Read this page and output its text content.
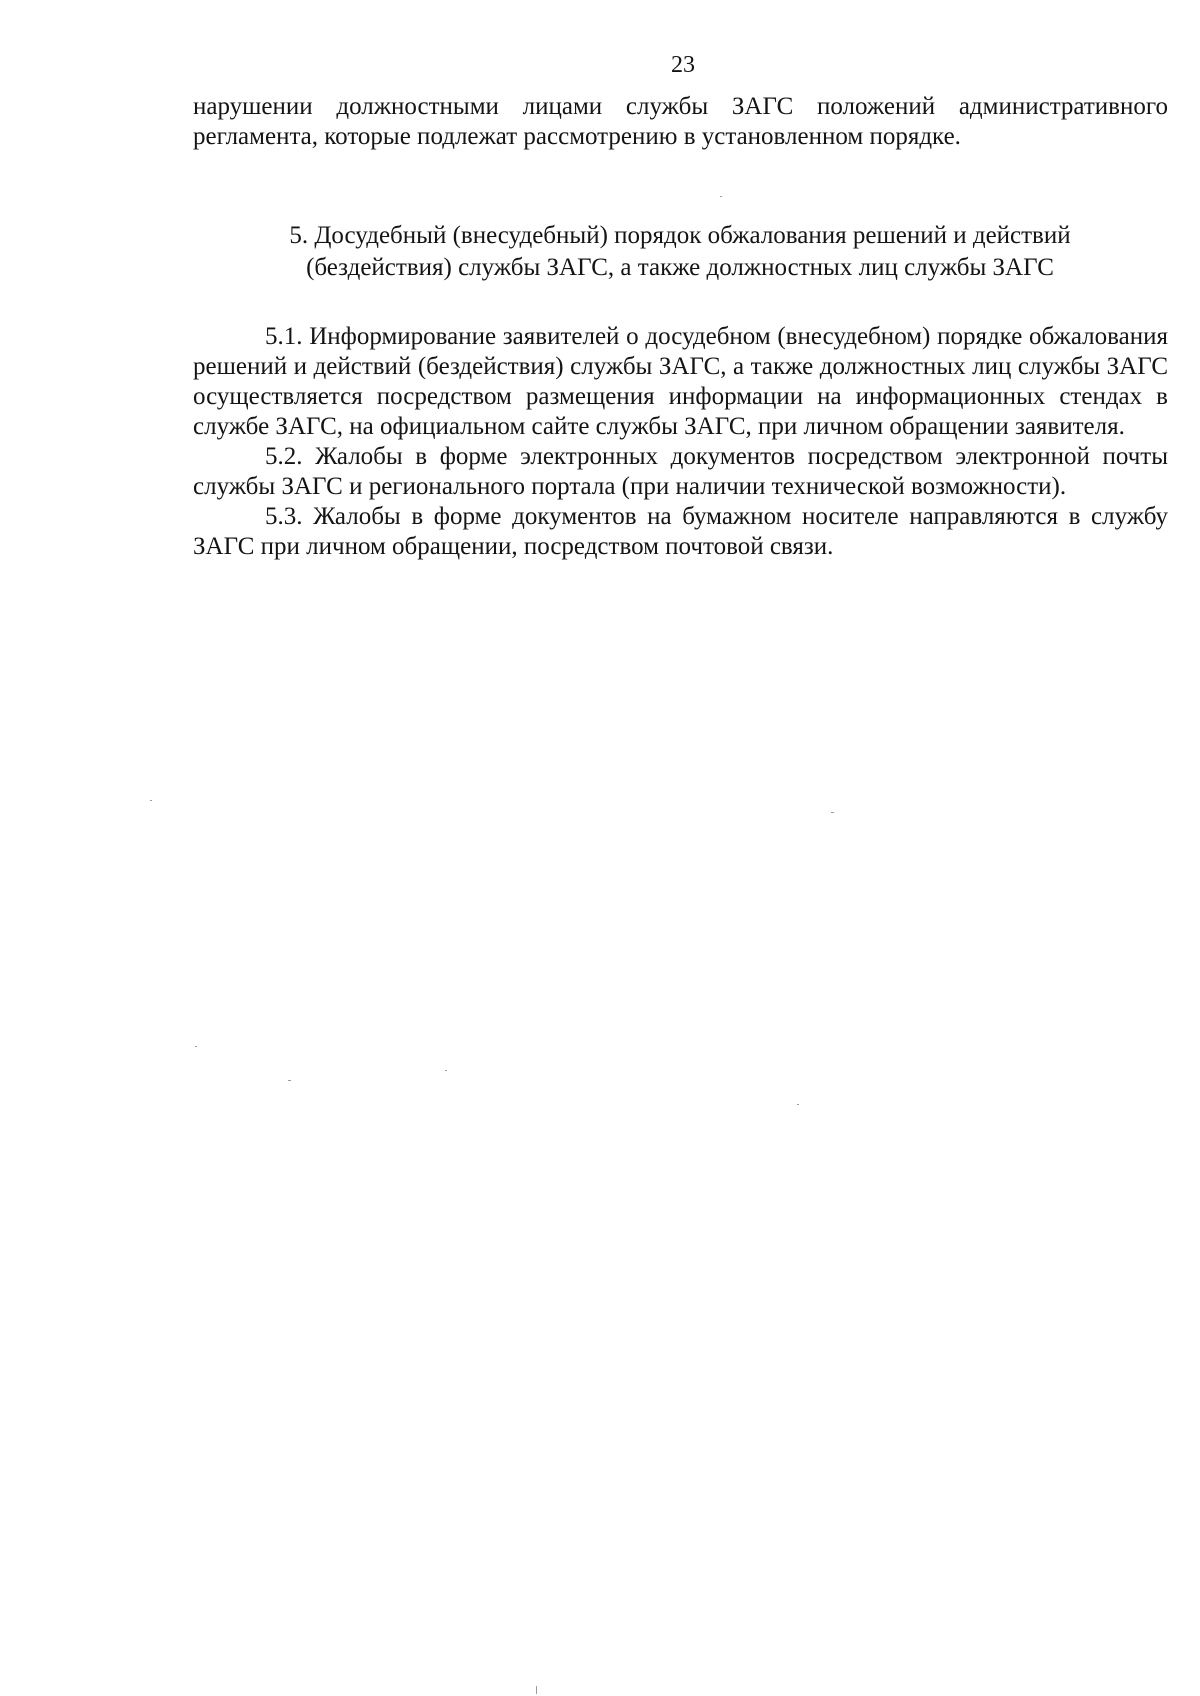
23

нарушении должностными лицами службы ЗАГС положений административного регламента, которые подлежат рассмотрению в установленном порядке.

5. Досудебный (внесудебный) порядок обжалования решений и действий (бездействия) службы ЗАГС, а также должностных лиц службы ЗАГС

5.1. Информирование заявителей о досудебном (внесудебном) порядке обжалования решений и действий (бездействия) службы ЗАГС, а также должностных лиц службы ЗАГС осуществляется посредством размещения информации на информационных стендах в службе ЗАГС, на официальном сайте службы ЗАГС, при личном обращении заявителя.

5.2. Жалобы в форме электронных документов посредством электронной почты службы ЗАГС и регионального портала (при наличии технической возможности).

5.3. Жалобы в форме документов на бумажном носителе направляются в службу ЗАГС при личном обращении, посредством почтовой связи.
